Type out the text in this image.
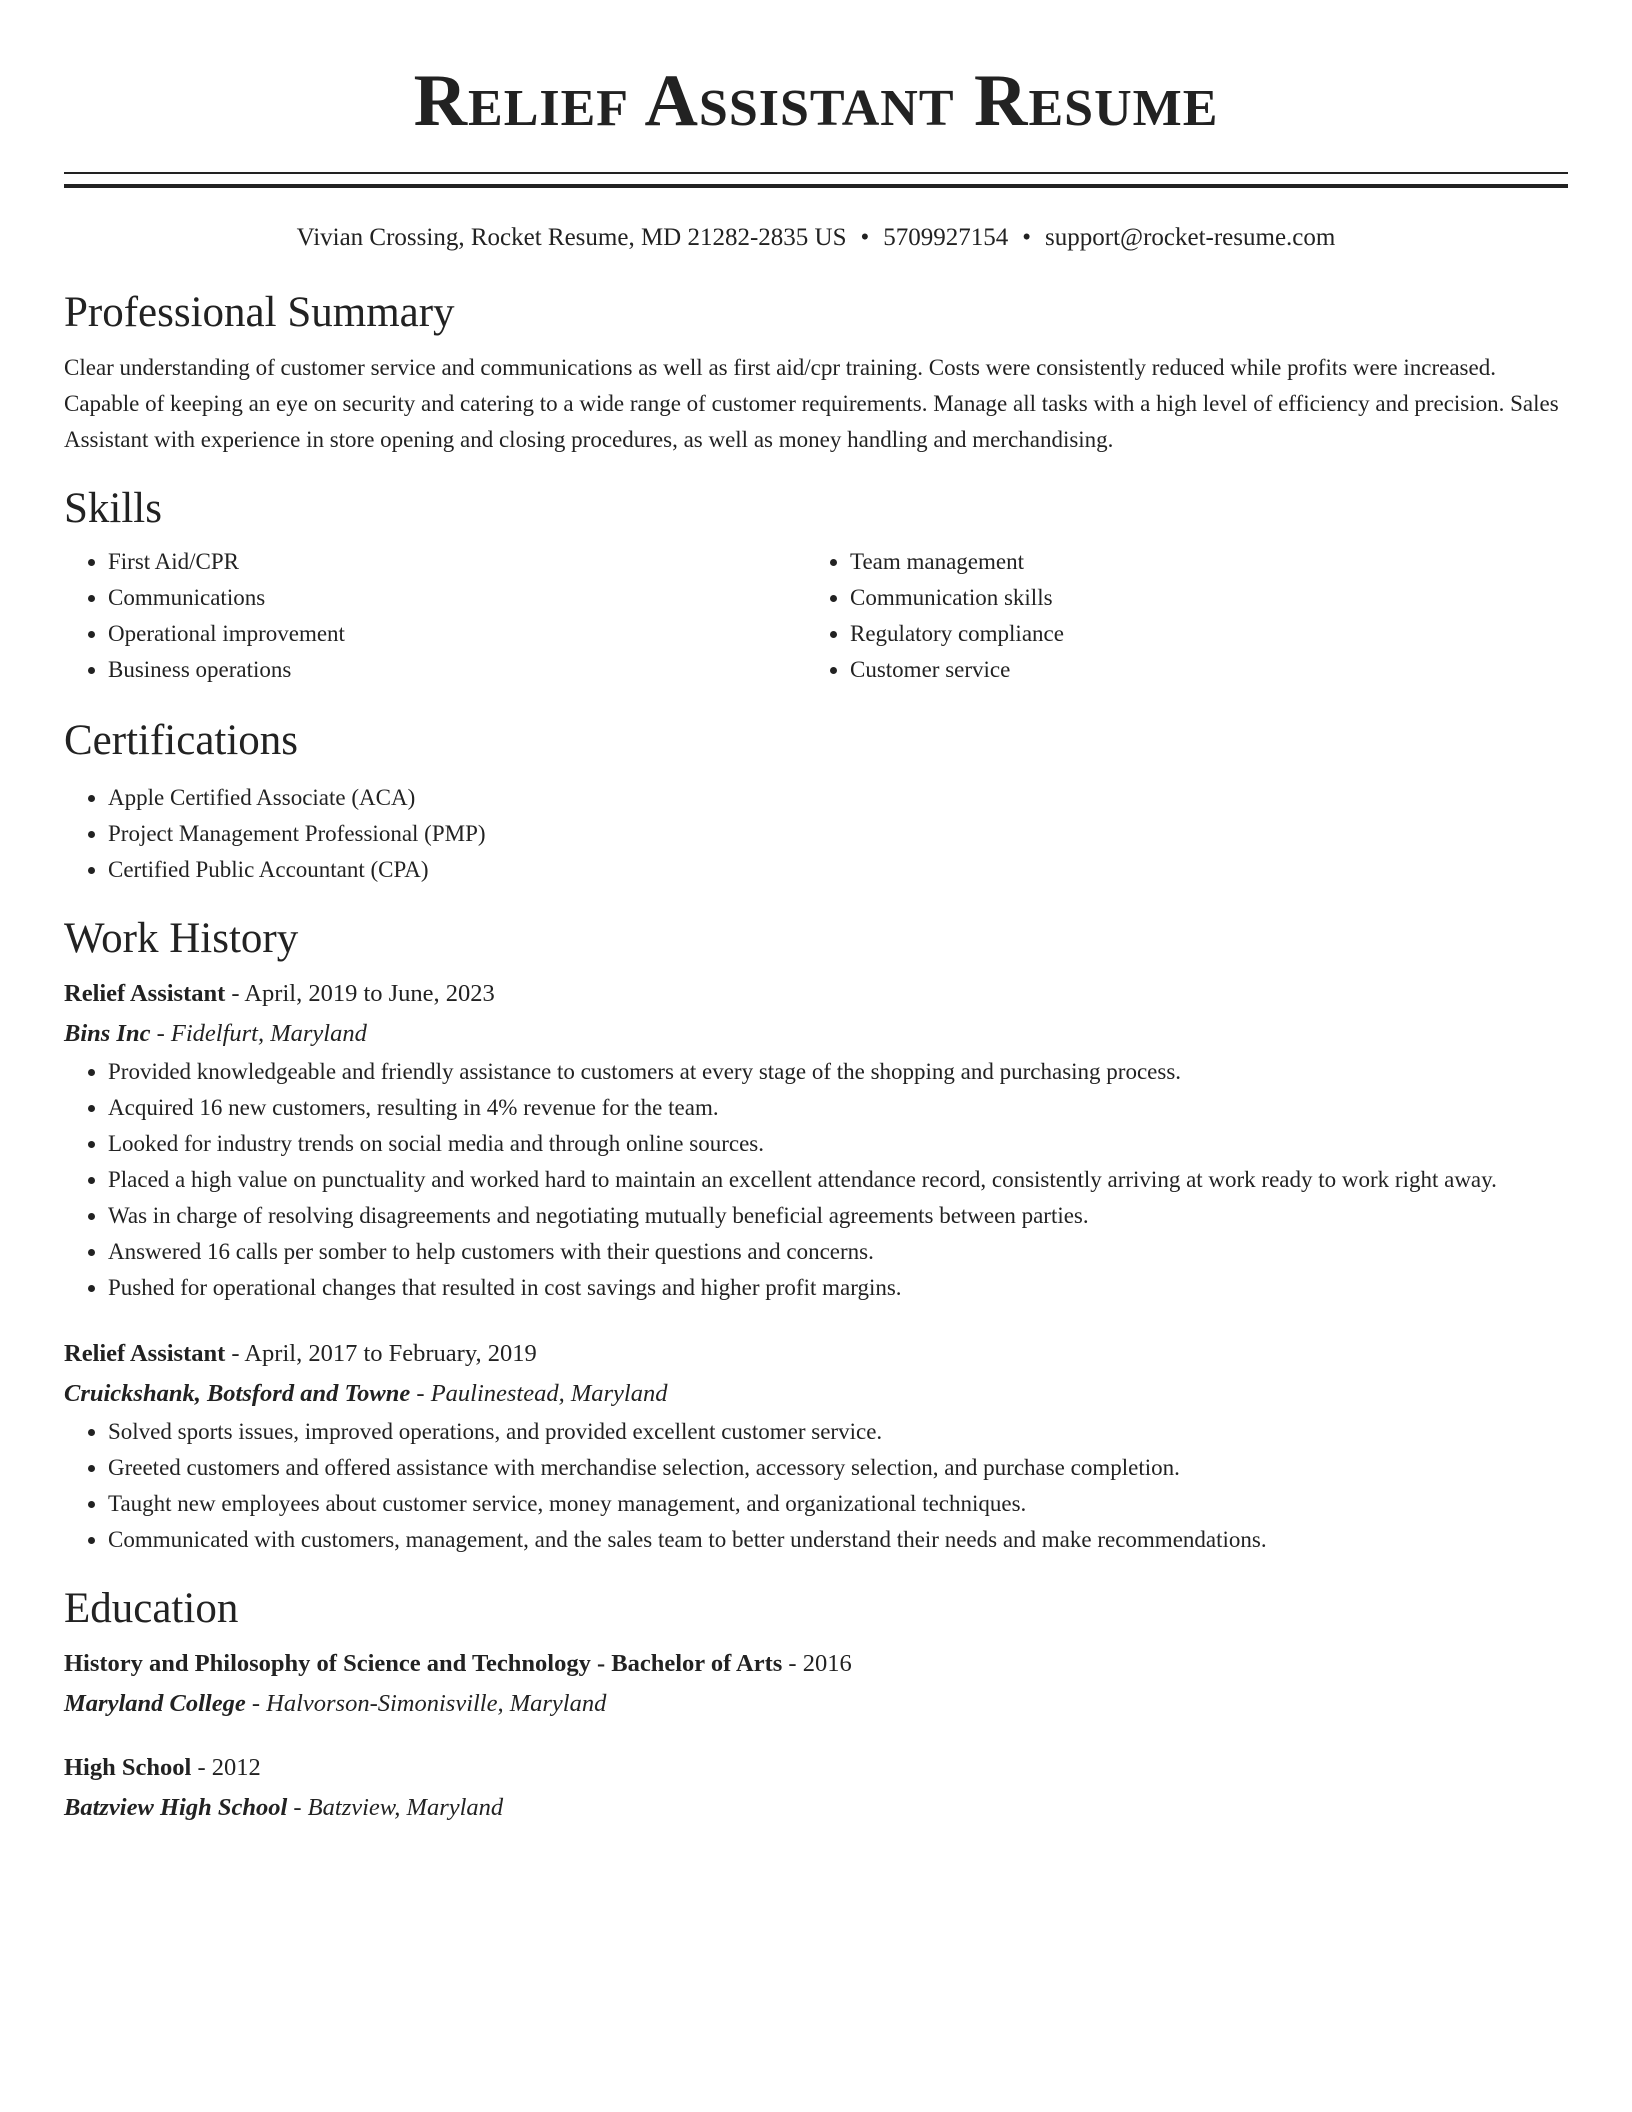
Relief Assistant Resume
Vivian Crossing, Rocket Resume, MD 21282-2835 US • 5709927154 • support@rocket-resume.com
Professional Summary

Clear understanding of customer service and communications as well as first aid/cpr training. Costs were consistently reduced while profits were increased. Capable of keeping an eye on security and catering to a wide range of customer requirements. Manage all tasks with a high level of efficiency and precision. Sales Assistant with experience in store opening and closing procedures, as well as money handling and merchandising.

Skills
• First Aid/CPR
• Communications
• Operational improvement
• Business operations
• Team management
• Communication skills
• Regulatory compliance
• Customer service
Certifications
• Apple Certified Associate (ACA)
• Project Management Professional (PMP)
• Certified Public Accountant (CPA)
Work History
Relief Assistant - April, 2019 to June, 2023
Bins Inc - Fidelfurt, Maryland
• Provided knowledgeable and friendly assistance to customers at every stage of the shopping and purchasing process.
• Acquired 16 new customers, resulting in 4% revenue for the team.
• Looked for industry trends on social media and through online sources.
• Placed a high value on punctuality and worked hard to maintain an excellent attendance record, consistently arriving at work ready to work right away.
• Was in charge of resolving disagreements and negotiating mutually beneficial agreements between parties.
• Answered 16 calls per somber to help customers with their questions and concerns.
• Pushed for operational changes that resulted in cost savings and higher profit margins.
Relief Assistant - April, 2017 to February, 2019
Cruickshank, Botsford and Towne - Paulinestead, Maryland
• Solved sports issues, improved operations, and provided excellent customer service.
• Greeted customers and offered assistance with merchandise selection, accessory selection, and purchase completion.
• Taught new employees about customer service, money management, and organizational techniques.
• Communicated with customers, management, and the sales team to better understand their needs and make recommendations.
Education
History and Philosophy of Science and Technology - Bachelor of Arts - 2016
Maryland College - Halvorson-Simonisville, Maryland
High School - 2012
Batzview High School - Batzview, Maryland
